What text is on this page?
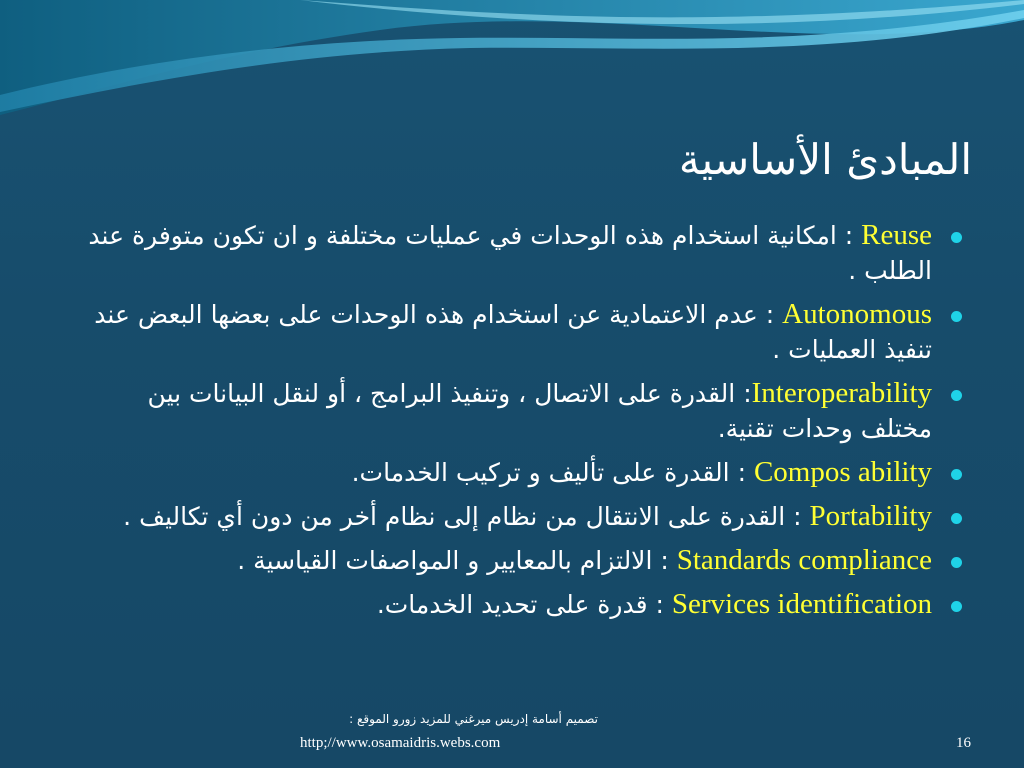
المبادئ الأساسية
Reuse : امكانية استخدام هذه الوحدات في عمليات مختلفة و ان تكون متوفرة عند الطلب .
Autonomous : عدم الاعتمادية عن استخدام هذه الوحدات على بعضها البعض عند تنفيذ العمليات .
Interoperability: القدرة على الاتصال ، وتنفيذ البرامج ، أو لنقل البيانات بين مختلف وحدات تقنية.
Compos ability : القدرة على تأليف و تركيب الخدمات.
Portability : القدرة على الانتقال من نظام إلى نظام أخر من دون أي تكاليف .
Standards compliance : الالتزام بالمعايير و المواصفات القياسية .
Services identification : قدرة على تحديد الخدمات.
تصميم أسامة إدريس ميرغني للمزيد زورو الموقع :
http;//www.osamaidris.webs.com	16
